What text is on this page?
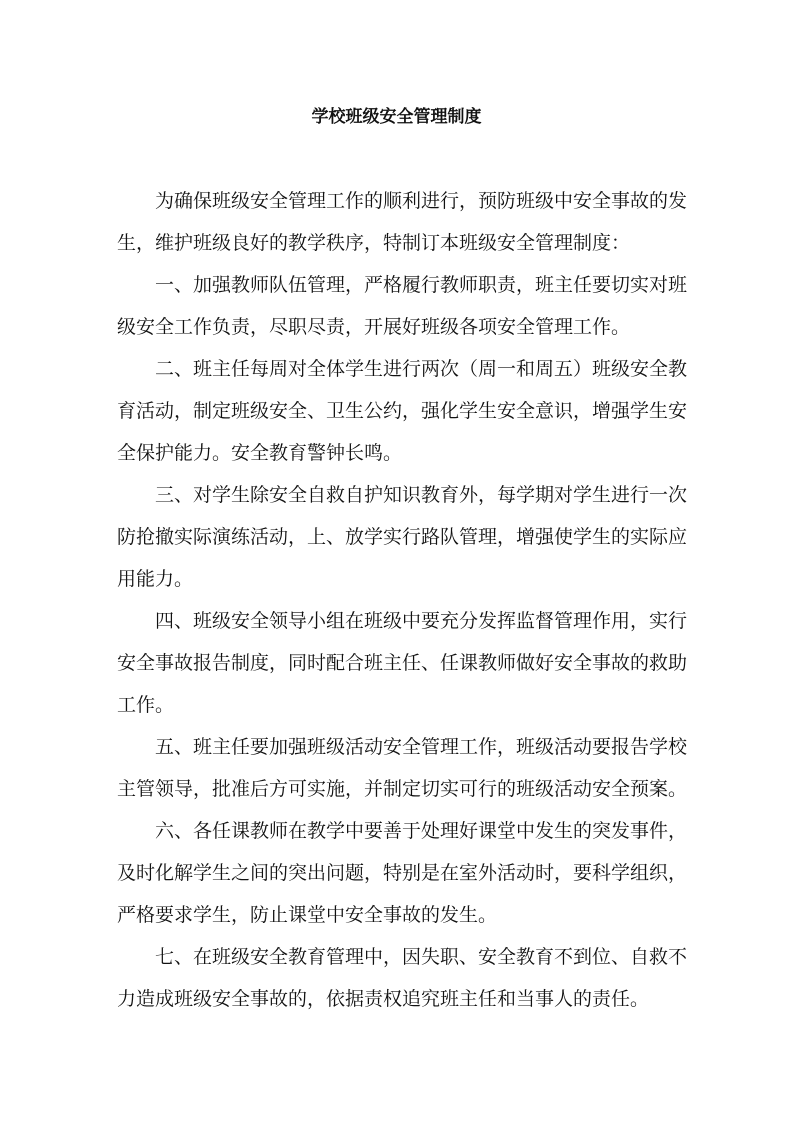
学校班级安全管理制度
为确保班级安全管理工作的顺利进行，预防班级中安全事故的发
生，维护班级良好的教学秩序，特制订本班级安全管理制度：
一、加强教师队伍管理，严格履行教师职责，班主任要切实对班
级安全工作负责，尽职尽责，开展好班级各项安全管理工作。
二、班主任每周对全体学生进行两次（周一和周五）班级安全教
育活动，制定班级安全、卫生公约，强化学生安全意识，增强学生安
全保护能力。安全教育警钟长鸣。
三、对学生除安全自救自护知识教育外，每学期对学生进行一次
防抢撤实际演练活动，上、放学实行路队管理，增强使学生的实际应
用能力。
四、班级安全领导小组在班级中要充分发挥监督管理作用，实行
安全事故报告制度，同时配合班主任、任课教师做好安全事故的救助
工作。
五、班主任要加强班级活动安全管理工作，班级活动要报告学校
主管领导，批准后方可实施，并制定切实可行的班级活动安全预案。
六、各任课教师在教学中要善于处理好课堂中发生的突发事件，
及时化解学生之间的突出问题，特别是在室外活动时，要科学组织，
严格要求学生，防止课堂中安全事故的发生。
七、在班级安全教育管理中，因失职、安全教育不到位、自救不
力造成班级安全事故的，依据责权追究班主任和当事人的责任。
